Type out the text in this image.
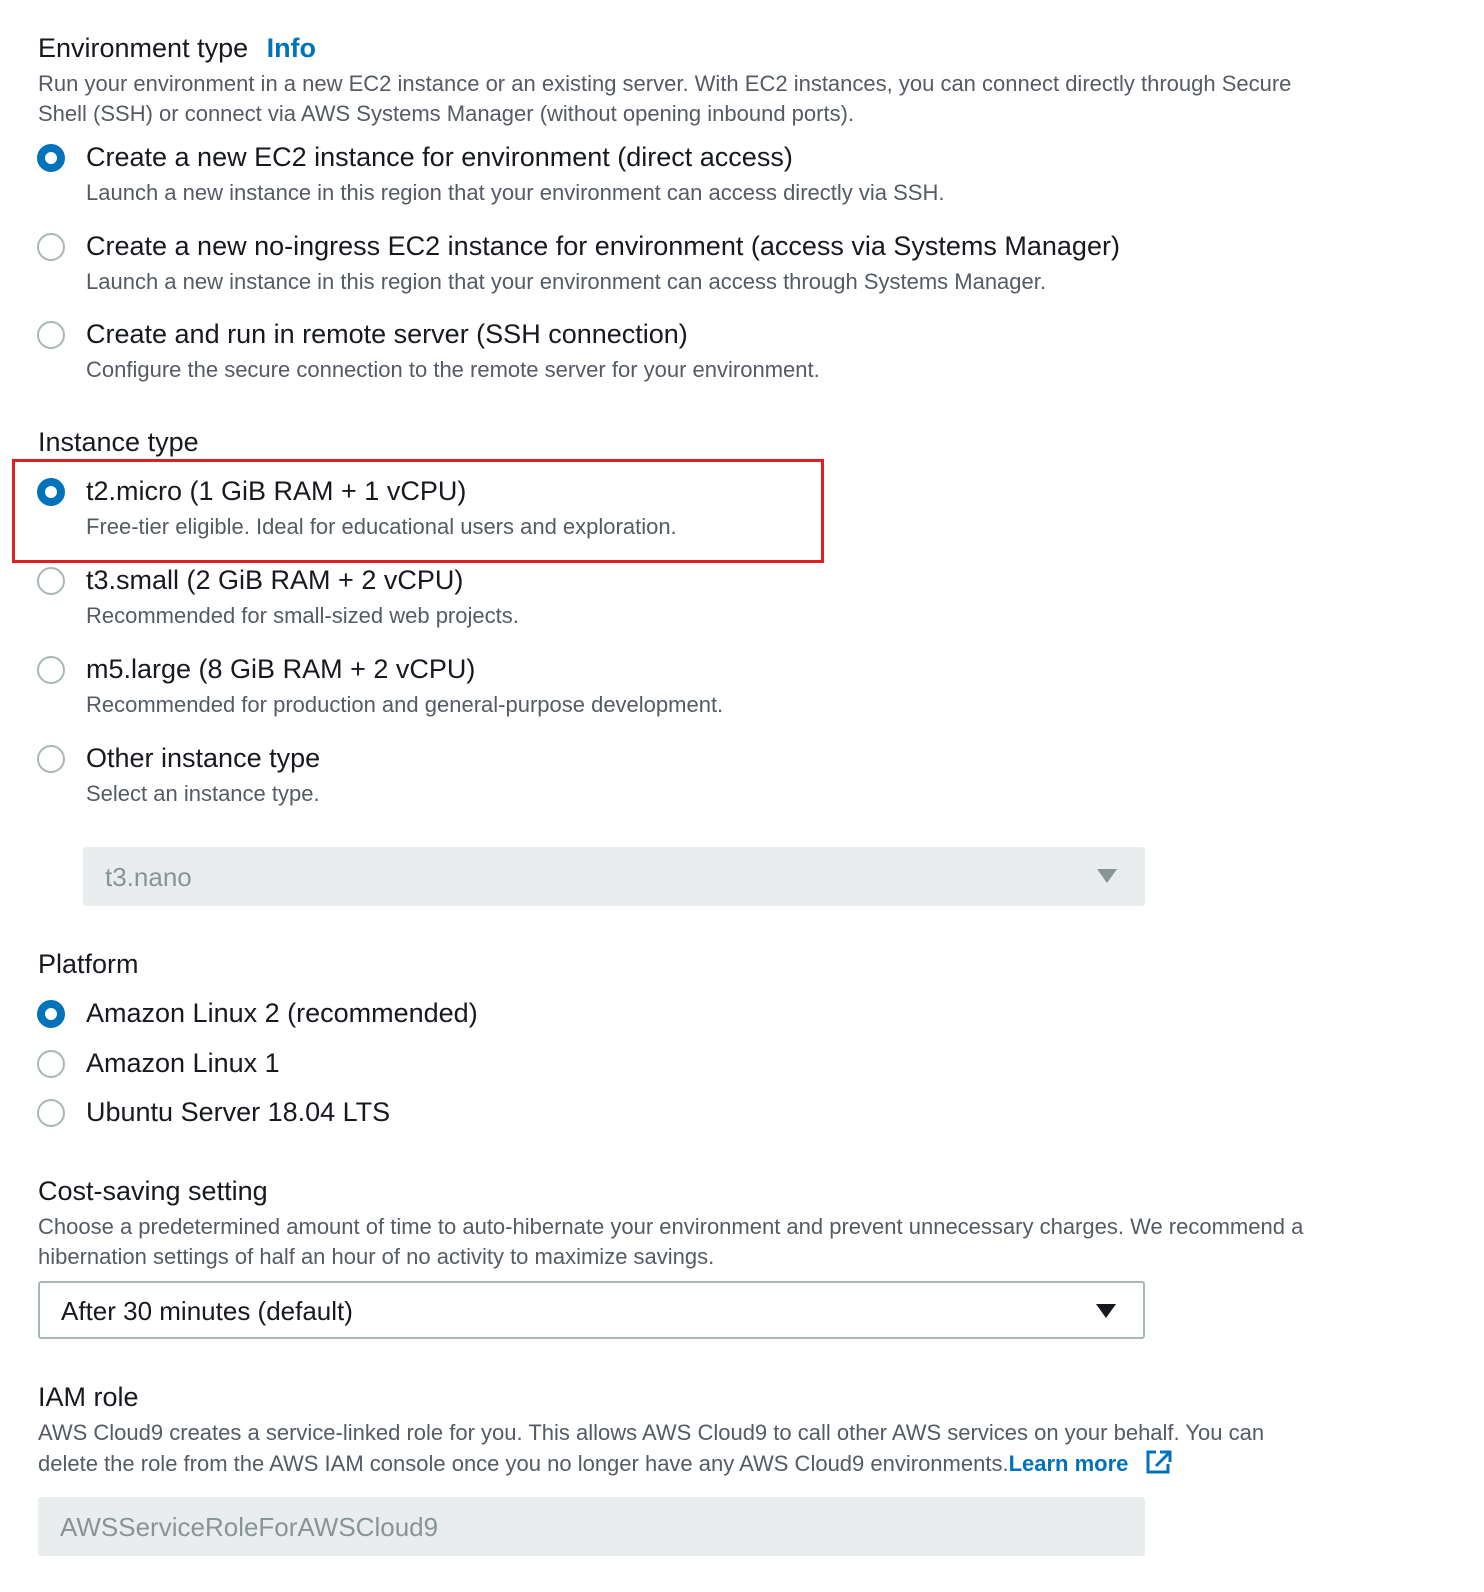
Environment type Info
Run your environment in a new EC2 instance or an existing server. With EC2 instances, you can connect directly through Secure
Shell (SSH) or connect via AWS Systems Manager (without opening inbound ports).
Create a new EC2 instance for environment (direct access)
Launch a new instance in this region that your environment can access directly via SSH.
Create a new no-ingress EC2 instance for environment (access via Systems Manager)
Launch a new instance in this region that your environment can access through Systems Manager.
Create and run in remote server (SSH connection)
Configure the secure connection to the remote server for your environment.
Instance type
t2.micro (1 GiB RAM + 1 vCPU)
Free-tier eligible. Ideal for educational users and exploration.
t3.small (2 GiB RAM + 2 vCPU)
Recommended for small-sized web projects.
m5.large (8 GiB RAM + 2 vCPU)
Recommended for production and general-purpose development.
Other instance type
Select an instance type.
t3.nano
Platform
Amazon Linux 2 (recommended)
Amazon Linux 1
Ubuntu Server 18.04 LTS
Cost-saving setting
Choose a predetermined amount of time to auto-hibernate your environment and prevent unnecessary charges. We recommend a
hibernation settings of half an hour of no activity to maximize savings.
After 30 minutes (default)
IAM role
AWS Cloud9 creates a service-linked role for you. This allows AWS Cloud9 to call other AWS services on your behalf. You can
delete the role from the AWS IAM console once you no longer have any AWS Cloud9 environments.Learn more
AWSServiceRoleForAWSCloud9
